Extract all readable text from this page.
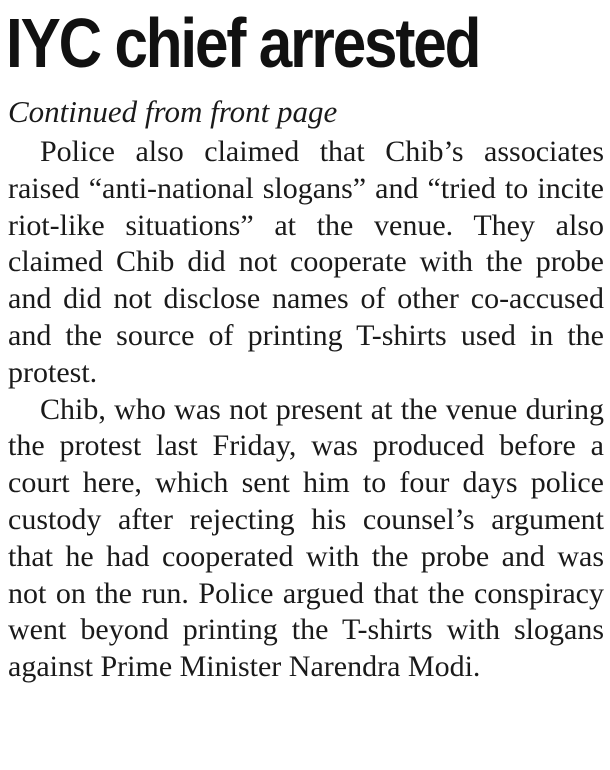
IYC chief arrested
Continued from front page

Police also claimed that Chib’s associates raised “anti-national slogans” and “tried to incite riot-like situations” at the venue. They also claimed Chib did not cooperate with the probe and did not disclose names of other co-accused and the source of printing T-shirts used in the protest.

Chib, who was not present at the venue during the protest last Friday, was produced before a court here, which sent him to four days police custody after rejecting his counsel’s argument that he had cooperated with the probe and was not on the run. Police argued that the conspiracy went beyond printing the T-shirts with slogans against Prime Minister Narendra Modi.
